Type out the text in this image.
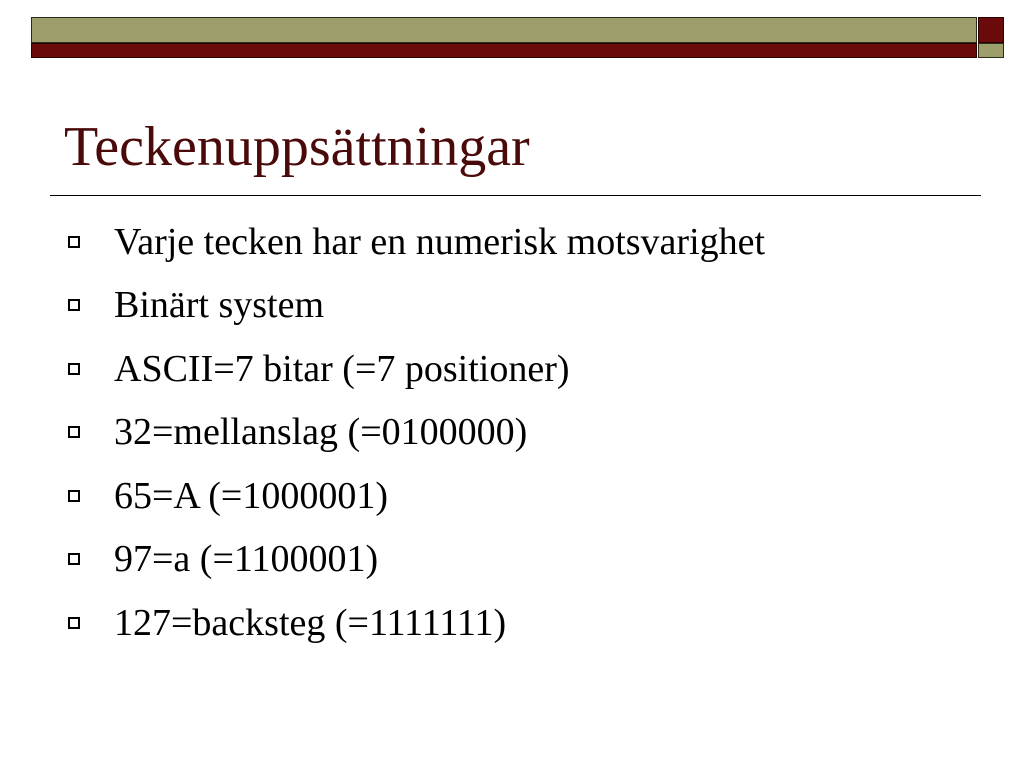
Teckenuppsättningar
Varje tecken har en numerisk motsvarighet
Binärt system
ASCII=7 bitar (=7 positioner)
32=mellanslag (=0100000)
65=A (=1000001)
97=a (=1100001)
127=backsteg (=1111111)
